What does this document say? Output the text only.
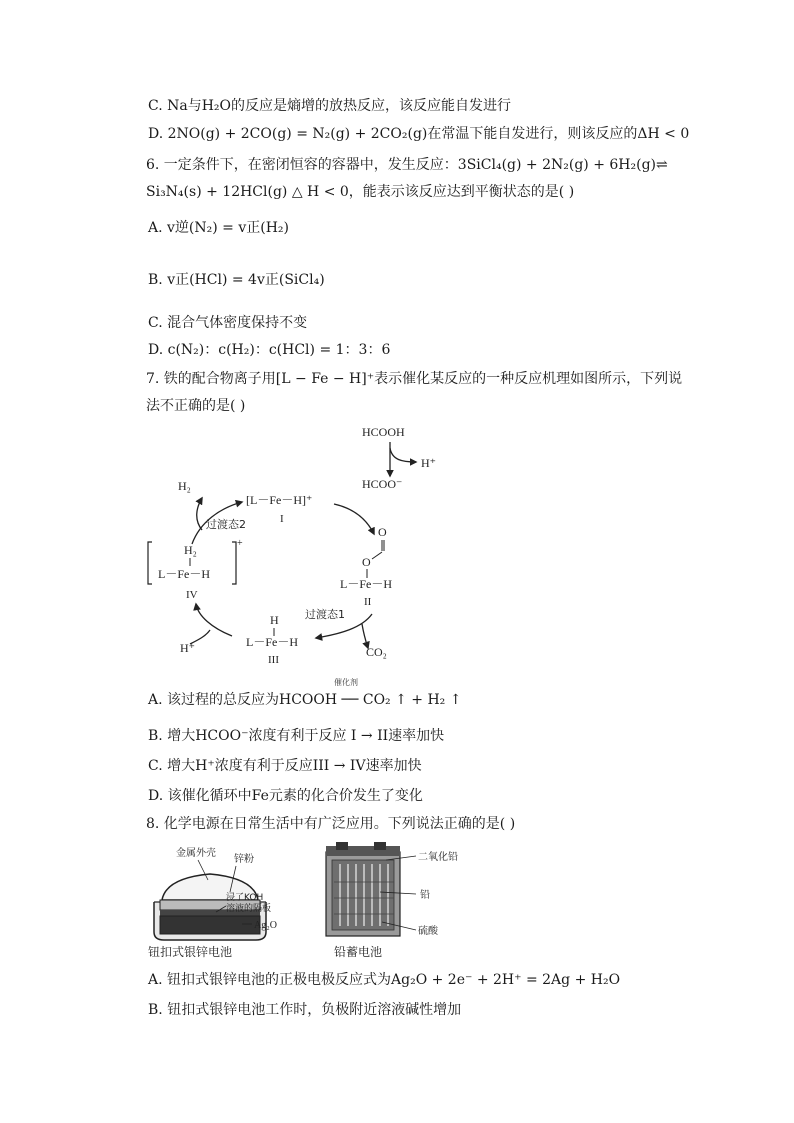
C. Na与H₂O的反应是熵增的放热反应，该反应能自发进行
D. 2NO(g) + 2CO(g) = N₂(g) + 2CO₂(g)在常温下能自发进行，则该反应的ΔH < 0
6. 一定条件下，在密闭恒容的容器中，发生反应：3SiCl₄(g) + 2N₂(g) + 6H₂(g)⇌
Si₃N₄(s) + 12HCl(g) △ H < 0，能表示该反应达到平衡状态的是( )
A. v逆(N₂) = v正(H₂)
B. v正(HCl) = 4v正(SiCl₄)
C. 混合气体密度保持不变
D. c(N₂)：c(H₂)：c(HCl) = 1：3：6
7. 铁的配合物离子用[L − Fe − H]⁺表示催化某反应的一种反应机理如图所示，下列说
法不正确的是( )
HCOOH
H⁺
HCOO⁻
H₂
[L－Fe－H]⁺
I
过渡态2
O
O
L－Fe－H
II
+
H₂
L－Fe－H
IV
H⁺
过渡态1
CO₂
H
L－Fe－H
III
A. 该过程的总反应为HCOOH ── CO₂ ↑ + H₂ ↑
催化剂
B. 增大HCOO⁻浓度有利于反应 I → II速率加快
C. 增大H⁺浓度有利于反应III → IV速率加快
D. 该催化循环中Fe元素的化合价发生了变化
8. 化学电源在日常生活中有广泛应用。下列说法正确的是( )
金属外壳
锌粉
浸了KOH
溶液的隔板
Ag₂O
钮扣式银锌电池
二氧化铅
铅
硫酸
铅蓄电池
A. 钮扣式银锌电池的正极电极反应式为Ag₂O + 2e⁻ + 2H⁺ = 2Ag + H₂O
B. 钮扣式银锌电池工作时，负极附近溶液碱性增加
